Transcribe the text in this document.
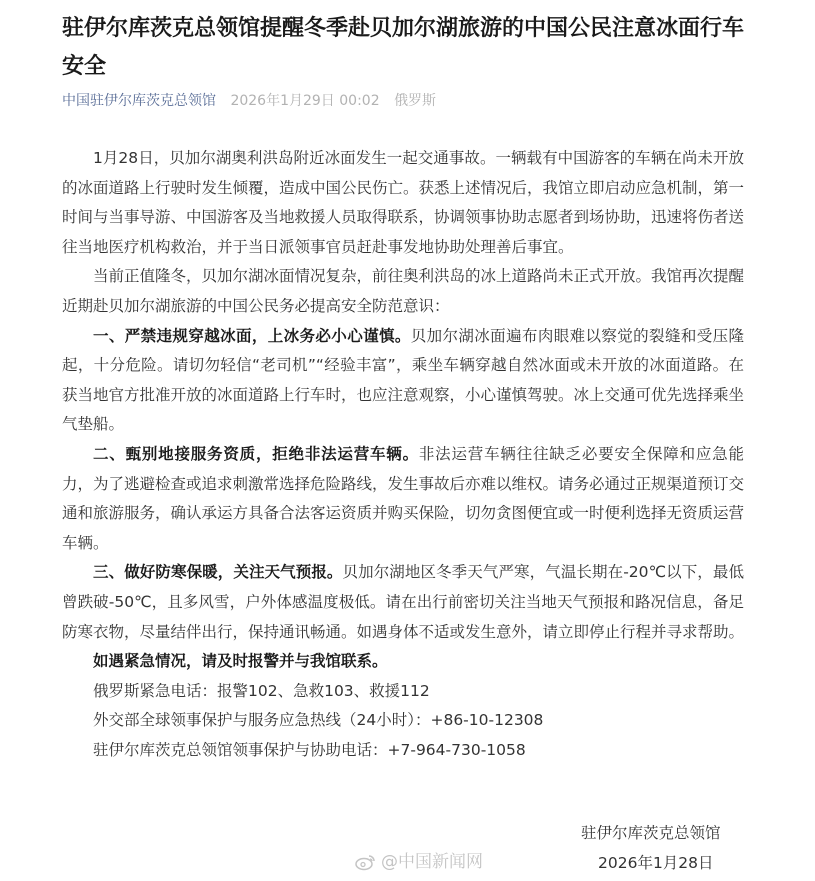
驻伊尔库茨克总领馆提醒冬季赴贝加尔湖旅游的中国公民注意冰面行车安全
中国驻伊尔库茨克总领馆 2026年1月29日 00:02 俄罗斯

1月28日，贝加尔湖奥利洪岛附近冰面发生一起交通事故。一辆载有中国游客的车辆在尚未开放的冰面道路上行驶时发生倾覆，造成中国公民伤亡。获悉上述情况后，我馆立即启动应急机制，第一时间与当事导游、中国游客及当地救援人员取得联系，协调领事协助志愿者到场协助，迅速将伤者送往当地医疗机构救治，并于当日派领事官员赶赴事发地协助处理善后事宜。

当前正值隆冬，贝加尔湖冰面情况复杂，前往奥利洪岛的冰上道路尚未正式开放。我馆再次提醒近期赴贝加尔湖旅游的中国公民务必提高安全防范意识：

一、严禁违规穿越冰面，上冰务必小心谨慎。贝加尔湖冰面遍布肉眼难以察觉的裂缝和受压隆起，十分危险。请切勿轻信“老司机”“经验丰富”，乘坐车辆穿越自然冰面或未开放的冰面道路。在获当地官方批准开放的冰面道路上行车时，也应注意观察，小心谨慎驾驶。冰上交通可优先选择乘坐气垫船。

二、甄别地接服务资质，拒绝非法运营车辆。非法运营车辆往往缺乏必要安全保障和应急能力，为了逃避检查或追求刺激常选择危险路线，发生事故后亦难以维权。请务必通过正规渠道预订交通和旅游服务，确认承运方具备合法客运资质并购买保险，切勿贪图便宜或一时便利选择无资质运营车辆。

三、做好防寒保暖，关注天气预报。贝加尔湖地区冬季天气严寒，气温长期在-20℃以下，最低曾跌破-50℃，且多风雪，户外体感温度极低。请在出行前密切关注当地天气预报和路况信息，备足防寒衣物，尽量结伴出行，保持通讯畅通。如遇身体不适或发生意外，请立即停止行程并寻求帮助。

如遇紧急情况，请及时报警并与我馆联系。
俄罗斯紧急电话：报警102、急救103、救援112
外交部全球领事保护与服务应急热线（24小时）：+86-10-12308
驻伊尔库茨克总领馆领事保护与协助电话：+7-964-730-1058
驻伊尔库茨克总领馆
2026年1月28日
@中国新闻网
